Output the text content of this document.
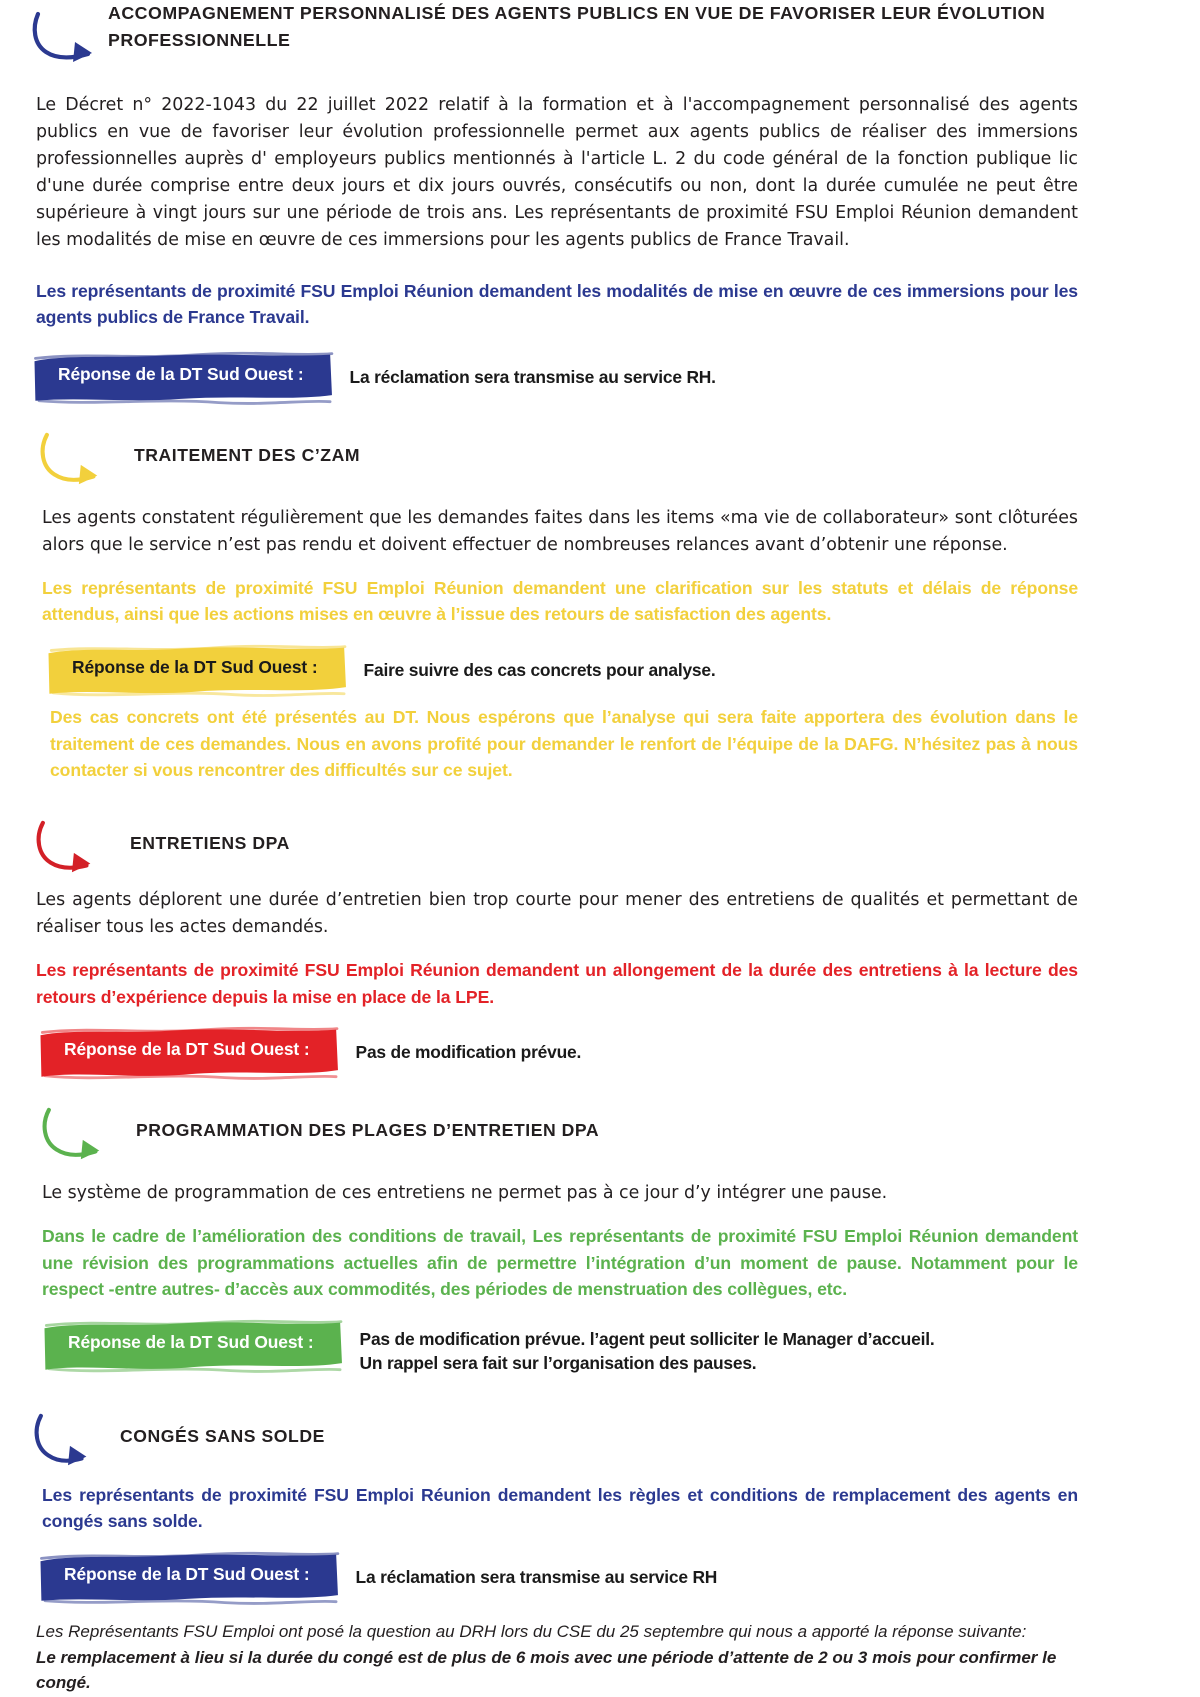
ACCOMPAGNEMENT PERSONNALISÉ DES AGENTS PUBLICS EN VUE DE FAVORISER LEUR ÉVOLUTION
PROFESSIONNELLE

Le Décret n° 2022-1043 du 22 juillet 2022 relatif à la formation et à l'accompagnement personnalisé des agents publics en vue de favoriser leur évolution professionnelle permet aux agents publics de réaliser des immersions professionnelles auprès d' employeurs publics mentionnés à l'article L. 2 du code général de la fonction publique lic d'une durée comprise entre deux jours et dix jours ouvrés, consécutifs ou non, dont la durée cumulée ne peut être supérieure à vingt jours sur une période de trois ans. Les représentants de proximité FSU Emploi Réunion demandent les modalités de mise en œuvre de ces immersions pour les agents publics de France Travail.

Les représentants de proximité FSU Emploi Réunion demandent les modalités de mise en œuvre de ces immersions pour les agents publics de France Travail.

Réponse de la DT Sud Ouest :	La réclamation sera transmise au service RH.
TRAITEMENT DES C’ZAM

Les agents constatent régulièrement que les demandes faites dans les items «ma vie de collaborateur» sont clôturées alors que le service n’est pas rendu et doivent effectuer de nombreuses relances avant d’obtenir une réponse.

Les représentants de proximité FSU Emploi Réunion demandent une clarification sur les statuts et délais de réponse attendus, ainsi que les actions mises en œuvre à l’issue des retours de satisfaction des agents.

Réponse de la DT Sud Ouest :	Faire suivre des cas concrets pour analyse.

Des cas concrets ont été présentés au DT. Nous espérons que l’analyse qui sera faite apportera des évolution dans le traitement de ces demandes. Nous en avons profité pour demander le renfort de l’équipe de la DAFG. N’hésitez pas à nous contacter si vous rencontrer des difficultés sur ce sujet.

ENTRETIENS DPA

Les agents déplorent une durée d’entretien bien trop courte pour mener des entretiens de qualités et permettant de réaliser tous les actes demandés.

Les représentants de proximité FSU Emploi Réunion demandent un allongement de la durée des entretiens à la lecture des retours d’expérience depuis la mise en place de la LPE.

Réponse de la DT Sud Ouest :	Pas de modification prévue.
PROGRAMMATION DES PLAGES D’ENTRETIEN DPA

Le système de programmation de ces entretiens ne permet pas à ce jour d’y intégrer une pause.

Dans le cadre de l’amélioration des conditions de travail, Les représentants de proximité FSU Emploi Réunion demandent une révision des programmations actuelles afin de permettre l’intégration d’un moment de pause. Notamment pour le respect -entre autres- d’accès aux commodités, des périodes de menstruation des collègues, etc.

Réponse de la DT Sud Ouest :	Pas de modification prévue. l’agent peut solliciter le Manager d’accueil.
Un rappel sera fait sur l’organisation des pauses.
CONGÉS SANS SOLDE

Les représentants de proximité FSU Emploi Réunion demandent les règles et conditions de remplacement des agents en congés sans solde.

Réponse de la DT Sud Ouest :	La réclamation sera transmise au service RH

Les Représentants FSU Emploi ont posé la question au DRH lors du CSE du 25 septembre qui nous a apporté la réponse suivante:

Le remplacement à lieu si la durée du congé est de plus de 6 mois avec une période d’attente de 2 ou 3 mois pour confirmer le congé.
